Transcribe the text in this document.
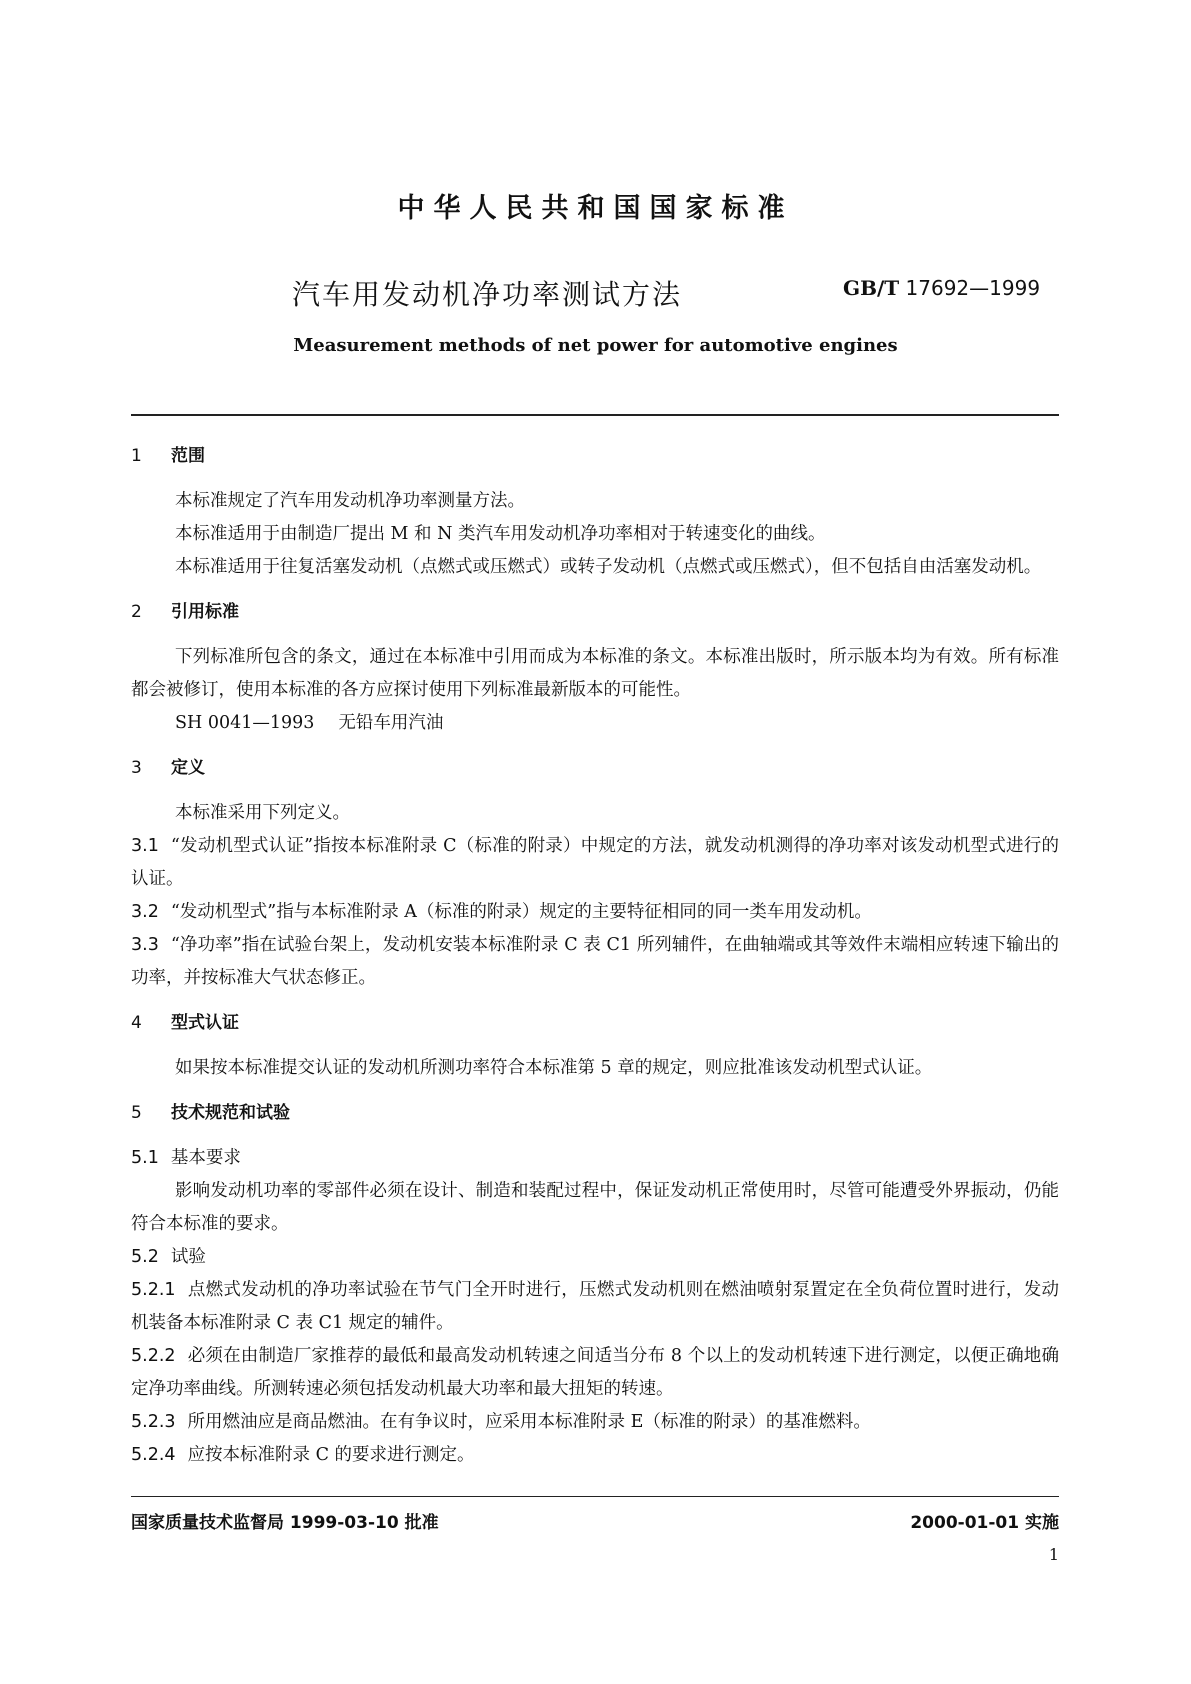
中华人民共和国国家标准
汽车用发动机净功率测试方法	GB/T 17692—1999
Measurement methods of net power for automotive engines
1 范围

本标准规定了汽车用发动机净功率测量方法。

本标准适用于由制造厂提出 M 和 N 类汽车用发动机净功率相对于转速变化的曲线。

本标准适用于往复活塞发动机（点燃式或压燃式）或转子发动机（点燃式或压燃式），但不包括自由活塞发动机。

2 引用标准

下列标准所包含的条文，通过在本标准中引用而成为本标准的条文。本标准出版时，所示版本均为有效。所有标准都会被修订，使用本标准的各方应探讨使用下列标准最新版本的可能性。

SH 0041—1993 无铅车用汽油

3 定义

本标准采用下列定义。

3.1 “发动机型式认证”指按本标准附录 C（标准的附录）中规定的方法，就发动机测得的净功率对该发动机型式进行的认证。

3.2 “发动机型式”指与本标准附录 A（标准的附录）规定的主要特征相同的同一类车用发动机。

3.3 “净功率”指在试验台架上，发动机安装本标准附录 C 表 C1 所列辅件，在曲轴端或其等效件末端相应转速下输出的功率，并按标准大气状态修正。

4 型式认证

如果按本标准提交认证的发动机所测功率符合本标准第 5 章的规定，则应批准该发动机型式认证。

5 技术规范和试验

5.1 基本要求

影响发动机功率的零部件必须在设计、制造和装配过程中，保证发动机正常使用时，尽管可能遭受外界振动，仍能符合本标准的要求。

5.2 试验

5.2.1 点燃式发动机的净功率试验在节气门全开时进行，压燃式发动机则在燃油喷射泵置定在全负荷位置时进行，发动机装备本标准附录 C 表 C1 规定的辅件。

5.2.2 必须在由制造厂家推荐的最低和最高发动机转速之间适当分布 8 个以上的发动机转速下进行测定，以便正确地确定净功率曲线。所测转速必须包括发动机最大功率和最大扭矩的转速。

5.2.3 所用燃油应是商品燃油。在有争议时，应采用本标准附录 E（标准的附录）的基准燃料。

5.2.4 应按本标准附录 C 的要求进行测定。

国家质量技术监督局 1999-03-10 批准	2000-01-01 实施
1
